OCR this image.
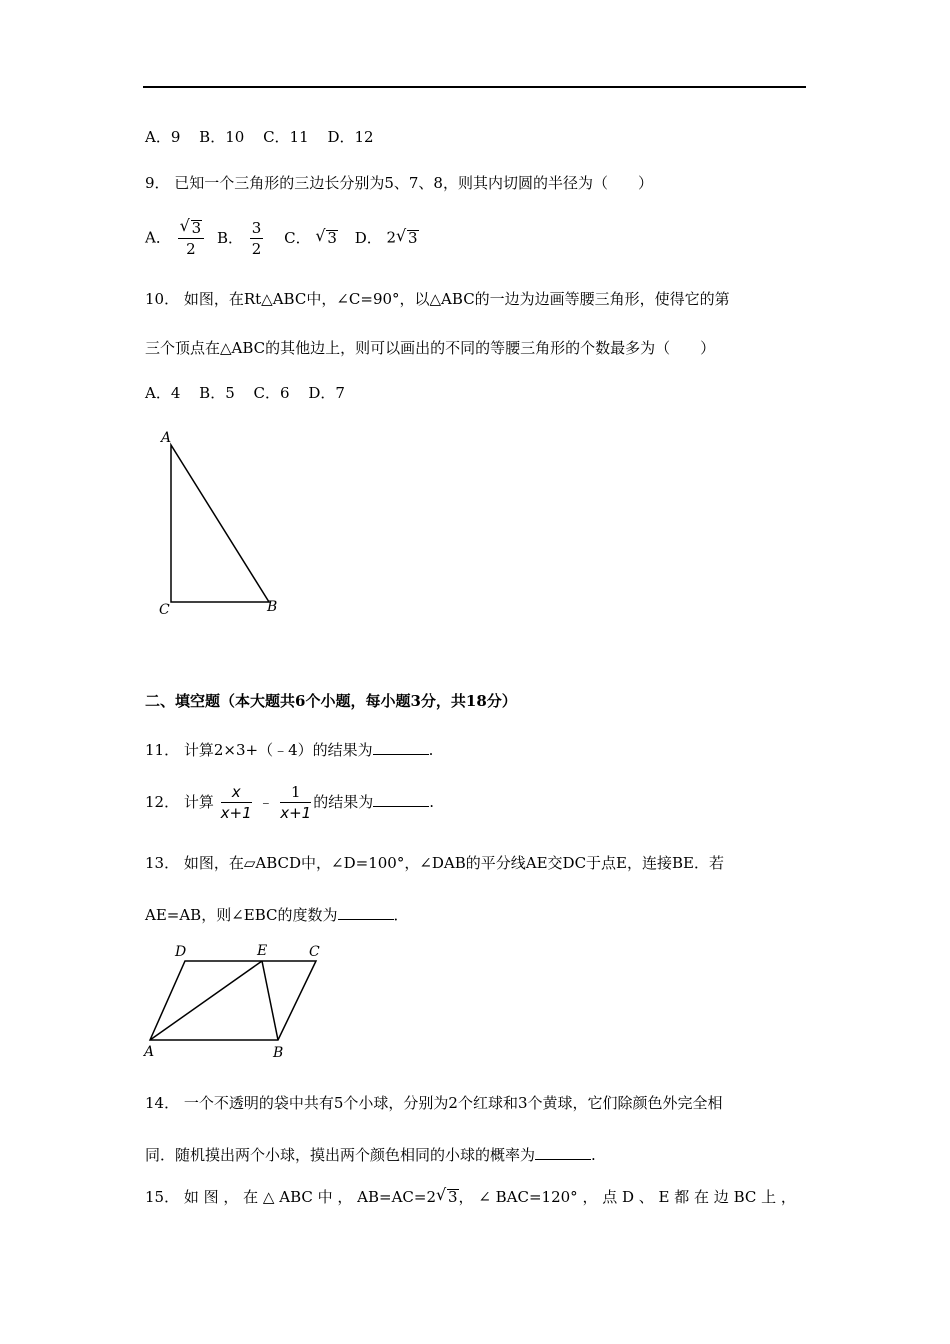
A．9 B．10 C．11 D．12
9． 已知一个三角形的三边长分别为5、7、8，则其内切圆的半径为（　　）
A． $\frac{√ 3}{2}$ B． $\frac{3}{2}$ C． √ 3 D． 2 √ 3
10． 如图，在Rt△ABC中，∠C=90°，以△ABC的一边为边画等腰三角形，使得它的第
三个顶点在△ABC的其他边上，则可以画出的不同的等腰三角形的个数最多为（　　）
A．4 B．5 C．6 D．7
A
C	B
二、填空题（本大题共6个小题，每小题3分，共18分）
11． 计算2×3+（﹣4）的结果为	.
12． 计算 $\frac{x}{x+1}$ ﹣ $\frac{1}{x+1}$ 的结果为	.
13． 如图，在▱ABCD中，∠D=100°，∠DAB的平分线AE交DC于点E，连接BE．若
AE=AB，则∠EBC的度数为	．
D	E	C
A	B
14． 一个不透明的袋中共有5个小球，分别为2个红球和3个黄球，它们除颜色外完全相
同．随机摸出两个小球，摸出两个颜色相同的小球的概率为	.
15． 如 图 ， 在 △ ABC 中 ， AB=AC=2 √ 3， ∠ BAC=120° ， 点 D 、 E 都 在 边 BC 上 ，
